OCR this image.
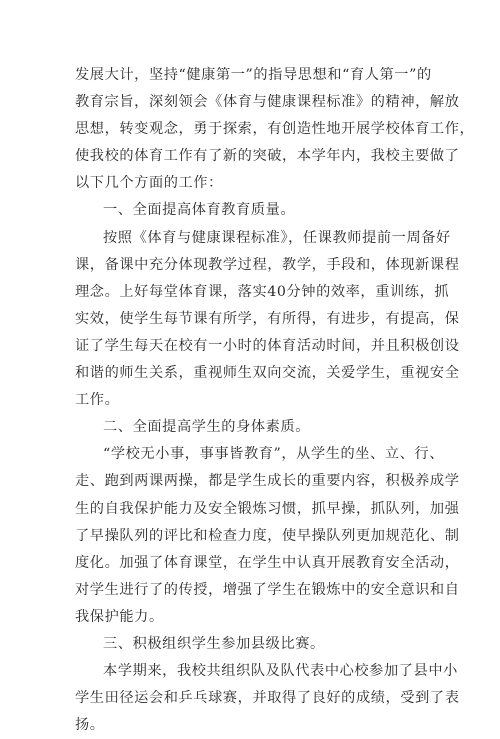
发展大计，坚持“健康第一”的指导思想和“育人第一”的
教育宗旨，深刻领会《体育与健康课程标准》的精神，解放
思想，转变观念，勇于探索，有创造性地开展学校体育工作，
使我校的体育工作有了新的突破，本学年内，我校主要做了
以下几个方面的工作：
一、全面提高体育教育质量。
按照《体育与健康课程标准》，任课教师提前一周备好
课，备课中充分体现教学过程，教学，手段和，体现新课程
理念。上好每堂体育课，落实40分钟的效率，重训练，抓
实效，使学生每节课有所学，有所得，有进步，有提高，保
证了学生每天在校有一小时的体育活动时间，并且积极创设
和谐的师生关系，重视师生双向交流，关爱学生，重视安全
工作。
二、全面提高学生的身体素质。
“学校无小事，事事皆教育”，从学生的坐、立、行、
走、跑到两课两操，都是学生成长的重要内容，积极养成学
生的自我保护能力及安全锻炼习惯，抓早操，抓队列，加强
了早操队列的评比和检查力度，使早操队列更加规范化、制
度化。加强了体育课堂，在学生中认真开展教育安全活动，
对学生进行了的传授，增强了学生在锻炼中的安全意识和自
我保护能力。
三、积极组织学生参加县级比赛。
本学期来，我校共组织队及队代表中心校参加了县中小
学生田径运会和乒乓球赛，并取得了良好的成绩，受到了表
扬。
